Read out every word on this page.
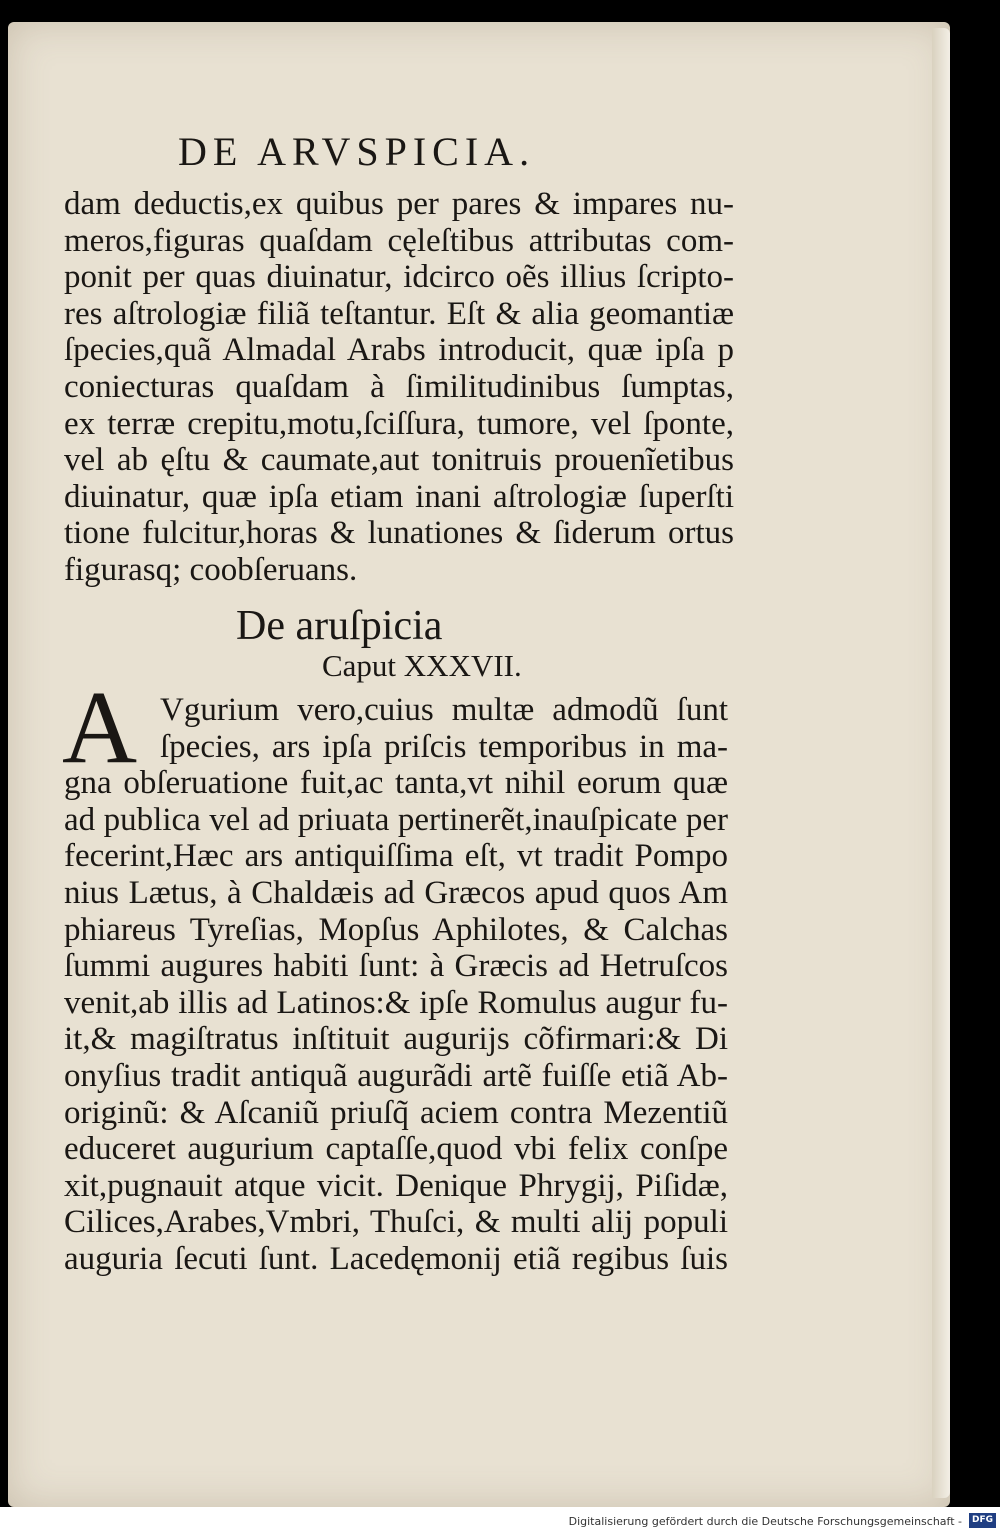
DE ARVSPICIA.
dam deductis,ex quibus per pares & impares nu-
meros,figuras quaſdam cęleſtibus attributas com-
ponit per quas diuinatur, idcirco oẽs illius ſcripto-
res aſtrologiæ filiã teſtantur. Eſt & alia geomantiæ
ſpecies,quã Almadal Arabs introducit, quæ ipſa p
coniecturas quaſdam à ſimilitudinibus ſumptas,
ex terræ crepitu,motu,ſciſſura, tumore, vel ſponte,
vel ab ęſtu & caumate,aut tonitruis prouenĩetibus
diuinatur, quæ ipſa etiam inani aſtrologiæ ſuperſti
tione fulcitur,horas & lunationes & ſiderum ortus
figurasq; coobſeruans.
De aruſpicia
Caput XXXVII.
A Vgurium vero,cuius multæ admodũ ſunt
ſpecies, ars ipſa priſcis temporibus in ma-
gna obſeruatione fuit,ac tanta,vt nihil eorum quæ
ad publica vel ad priuata pertinerẽt,inauſpicate per
fecerint,Hæc ars antiquiſſima eſt, vt tradit Pompo
nius Lætus, à Chaldæis ad Græcos apud quos Am
phiareus Tyreſias, Mopſus Aphilotes, & Calchas
ſummi augures habiti ſunt: à Græcis ad Hetruſcos
venit,ab illis ad Latinos:& ipſe Romulus augur fu-
it,& magiſtratus inſtituit augurijs cõfirmari:& Di
onyſius tradit antiquã augurãdi artẽ fuiſſe etiã Ab-
originũ: & Aſcaniũ priuſq̃ aciem contra Mezentiũ
educeret augurium captaſſe,quod vbi felix conſpe
xit,pugnauit atque vicit. Denique Phrygij, Piſidæ,
Cilices,Arabes,Vmbri, Thuſci, & multi alij populi
auguria ſecuti ſunt. Lacedęmonij etiã regibus ſuis
Digitalisierung gefördert durch die Deutsche Forschungsgemeinschaft -	DFG
